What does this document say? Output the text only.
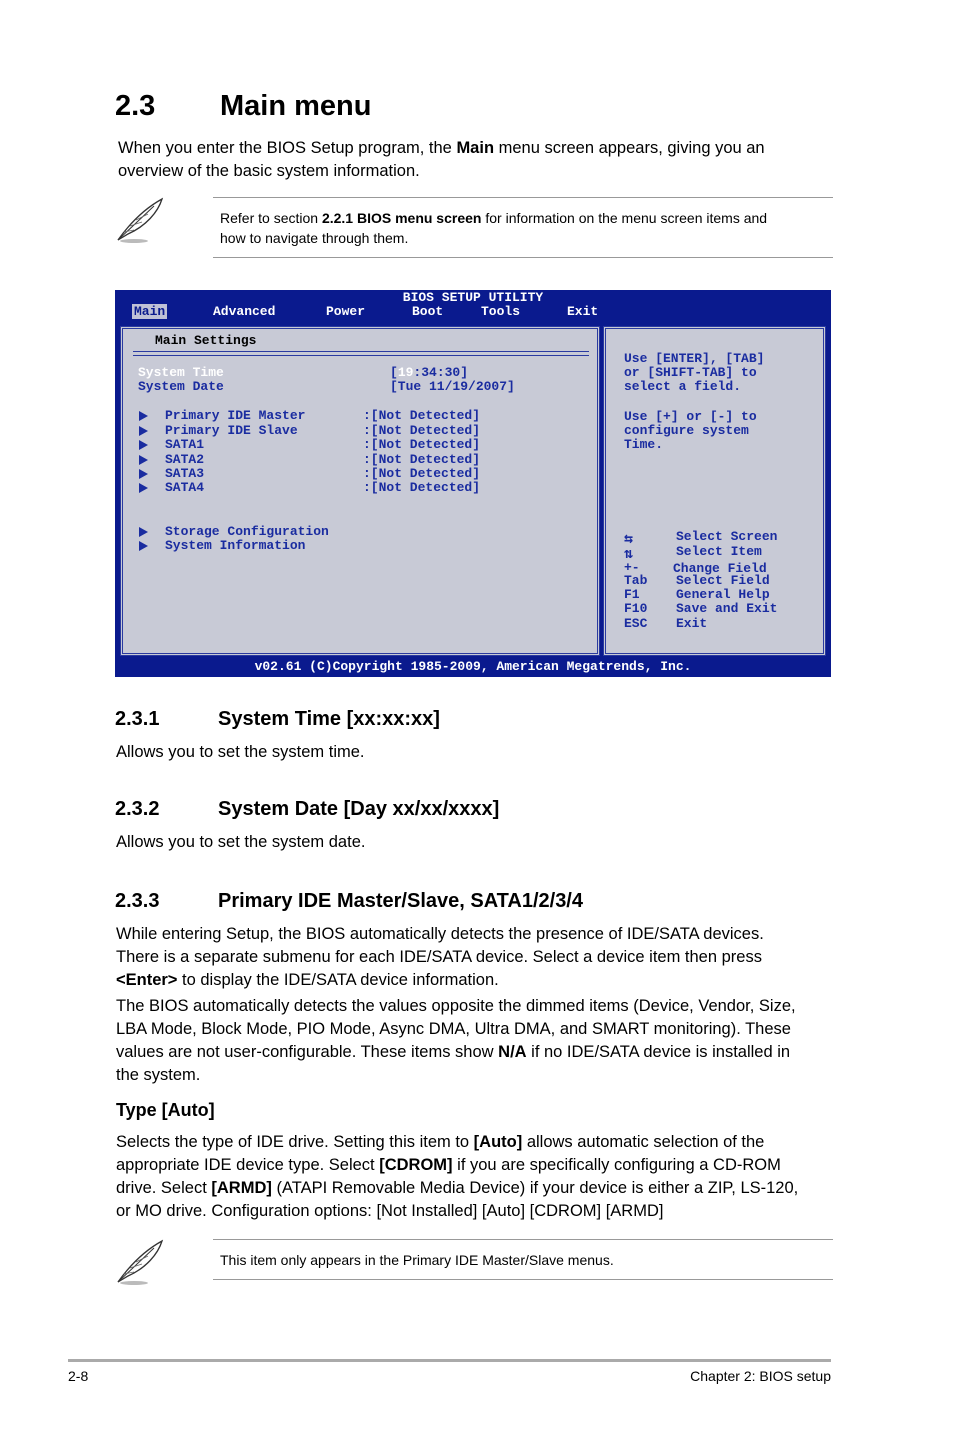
2.3 Main menu
When you enter the BIOS Setup program, the Main menu screen appears, giving you an
overview of the basic system information.
Refer to section 2.2.1 BIOS menu screen for information on the menu screen items and
how to navigate through them.
BIOS SETUP UTILITY
Main	Advanced	Power	Boot	Tools	Exit
Main Settings
System Time	[19:34:30]
System Date	[Tue 11/19/2007]
Primary IDE Master	:[Not Detected]
Primary IDE Slave	:[Not Detected]
SATA1	:[Not Detected]
SATA2	:[Not Detected]
SATA3	:[Not Detected]
SATA4	:[Not Detected]
Storage Configuration
System Information
Use [ENTER], [TAB]
or [SHIFT-TAB] to
select a field.
Use [+] or [-] to
configure system
Time.
⇆	Select Screen
⇅	Select Item
+-	Change Field
Tab Select Field
F1	General Help
F10 Save and Exit
ESC Exit
v02.61 (C)Copyright 1985-2009, American Megatrends, Inc.
2.3.1	System Time [xx:xx:xx]
Allows you to set the system time.
2.3.2	System Date [Day xx/xx/xxxx]
Allows you to set the system date.
2.3.3	Primary IDE Master/Slave, SATA1/2/3/4
While entering Setup, the BIOS automatically detects the presence of IDE/SATA devices.
There is a separate submenu for each IDE/SATA device. Select a device item then press
<Enter> to display the IDE/SATA device information.
The BIOS automatically detects the values opposite the dimmed items (Device, Vendor, Size,
LBA Mode, Block Mode, PIO Mode, Async DMA, Ultra DMA, and SMART monitoring). These
values are not user-configurable. These items show N/A if no IDE/SATA device is installed in
the system.
Type [Auto]
Selects the type of IDE drive. Setting this item to [Auto] allows automatic selection of the
appropriate IDE device type. Select [CDROM] if you are specifically configuring a CD-ROM
drive. Select [ARMD] (ATAPI Removable Media Device) if your device is either a ZIP, LS-120,
or MO drive. Configuration options: [Not Installed] [Auto] [CDROM] [ARMD]
This item only appears in the Primary IDE Master/Slave menus.
2-8	Chapter 2: BIOS setup
